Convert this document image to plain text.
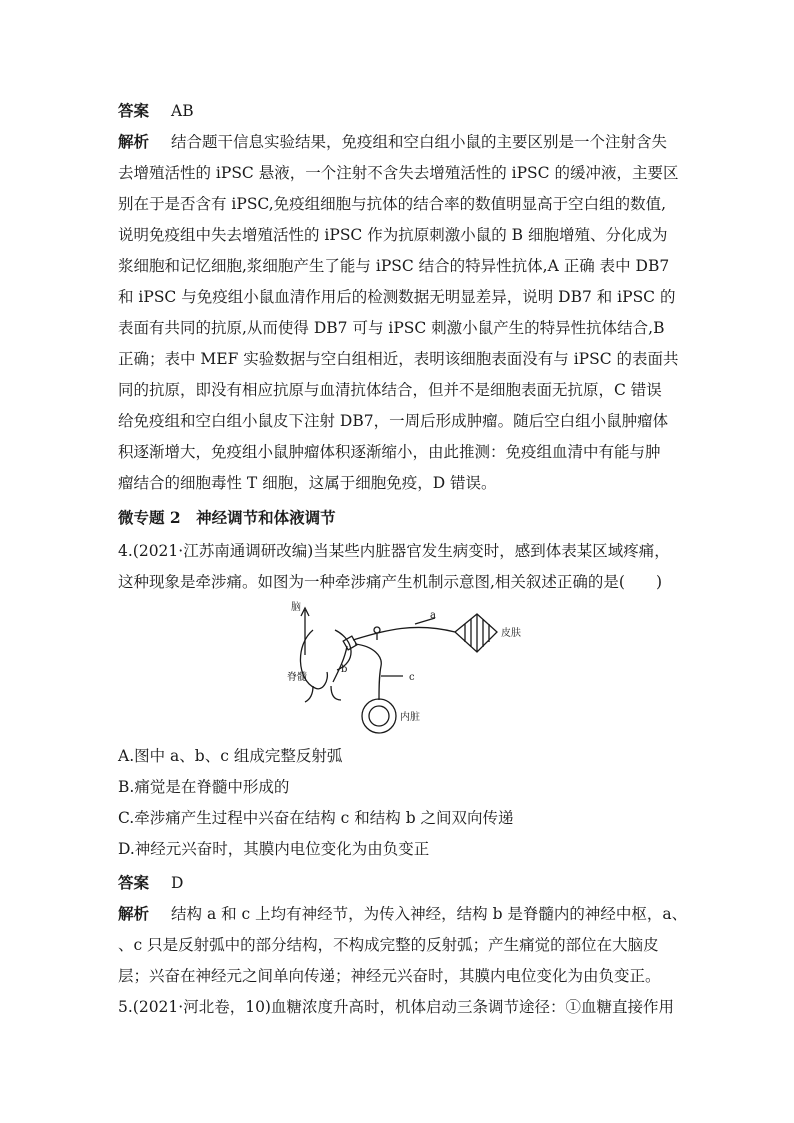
答案 AB
解析 结合题干信息实验结果，免疫组和空白组小鼠的主要区别是一个注射含失
去增殖活性的 iPSC 悬液，一个注射不含失去增殖活性的 iPSC 的缓冲液，主要区
别在于是否含有 iPSC,免疫组细胞与抗体的结合率的数值明显高于空白组的数值,
说明免疫组中失去增殖活性的 iPSC 作为抗原刺激小鼠的 B 细胞增殖、分化成为
浆细胞和记忆细胞,浆细胞产生了能与 iPSC 结合的特异性抗体,A 正确 表中 DB7
和 iPSC 与免疫组小鼠血清作用后的检测数据无明显差异，说明 DB7 和 iPSC 的
表面有共同的抗原,从而使得 DB7 可与 iPSC 刺激小鼠产生的特异性抗体结合,B
正确；表中 MEF 实验数据与空白组相近，表明该细胞表面没有与 iPSC 的表面共
同的抗原，即没有相应抗原与血清抗体结合，但并不是细胞表面无抗原，C 错误
给免疫组和空白组小鼠皮下注射 DB7，一周后形成肿瘤。随后空白组小鼠肿瘤体
积逐渐增大，免疫组小鼠肿瘤体积逐渐缩小，由此推测：免疫组血清中有能与肿
瘤结合的细胞毒性 T 细胞，这属于细胞免疫，D 错误。
微专题 2　神经调节和体液调节
4.(2021·江苏南通调研改编)当某些内脏器官发生病变时，感到体表某区域疼痛，
这种现象是牵涉痛。如图为一种牵涉痛产生机制示意图,相关叙述正确的是(　　)
脑
脊髓
皮肤
内脏
a
b
c
A.图中 a、b、c 组成完整反射弧
B.痛觉是在脊髓中形成的
C.牵涉痛产生过程中兴奋在结构 c 和结构 b 之间双向传递
D.神经元兴奋时，其膜内电位变化为由负变正
答案 D
解析 结构 a 和 c 上均有神经节，为传入神经，结构 b 是脊髓内的神经中枢，a、
、c 只是反射弧中的部分结构，不构成完整的反射弧；产生痛觉的部位在大脑皮
层；兴奋在神经元之间单向传递；神经元兴奋时，其膜内电位变化为由负变正。
5.(2021·河北卷，10)血糖浓度升高时，机体启动三条调节途径：①血糖直接作用
